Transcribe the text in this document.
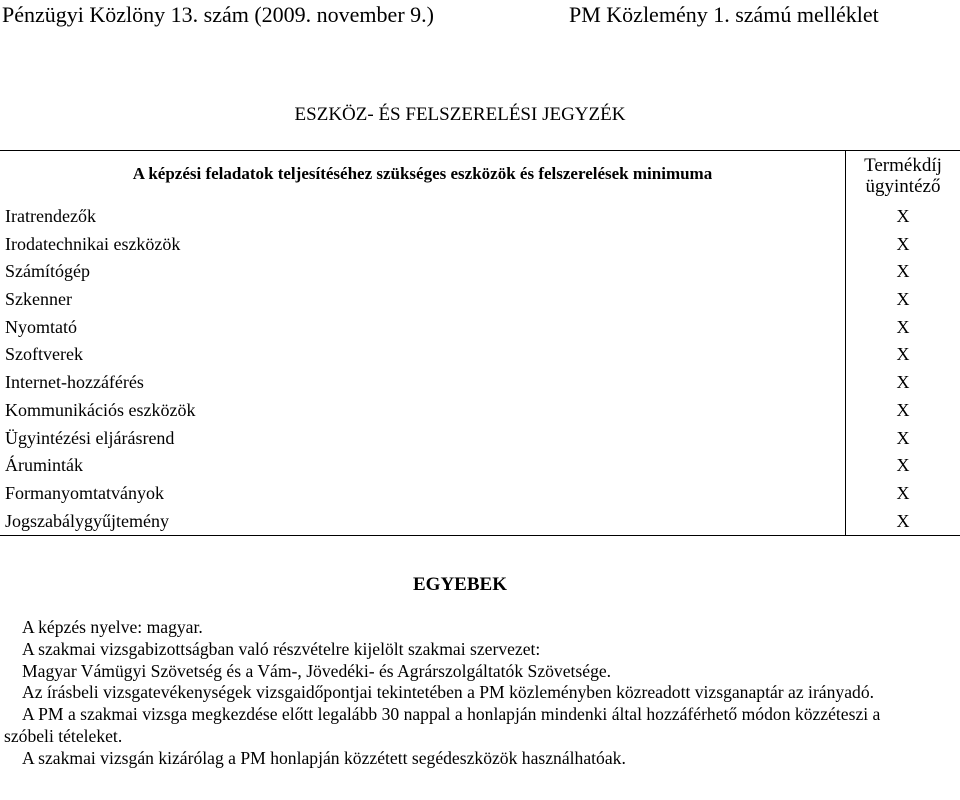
Pénzügyi Közlöny 13. szám (2009. november 9.)	PM Közlemény 1. számú melléklet
ESZKÖZ- ÉS FELSZERELÉSI JEGYZÉK
A képzési feladatok teljesítéséhez szükséges eszközök és felszerelések minimuma	Termékdíj ügyintéző
Iratrendezők	X
Irodatechnikai eszközök	X
Számítógép	X
Szkenner	X
Nyomtató	X
Szoftverek	X
Internet-hozzáférés	X
Kommunikációs eszközök	X
Ügyintézési eljárásrend	X
Áruminták	X
Formanyomtatványok	X
Jogszabálygyűjtemény	X
EGYEBEK

A képzés nyelve: magyar.

A szakmai vizsgabizottságban való részvételre kijelölt szakmai szervezet:

Magyar Vámügyi Szövetség és a Vám-, Jövedéki- és Agrárszolgáltatók Szövetsége.

Az írásbeli vizsgatevékenységek vizsgaidőpontjai tekintetében a PM közleményben közreadott vizsganaptár az irányadó.

A PM a szakmai vizsga megkezdése előtt legalább 30 nappal a honlapján mindenki által hozzáférhető módon közzéteszi a szóbeli tételeket.

A szakmai vizsgán kizárólag a PM honlapján közzétett segédeszközök használhatóak.
